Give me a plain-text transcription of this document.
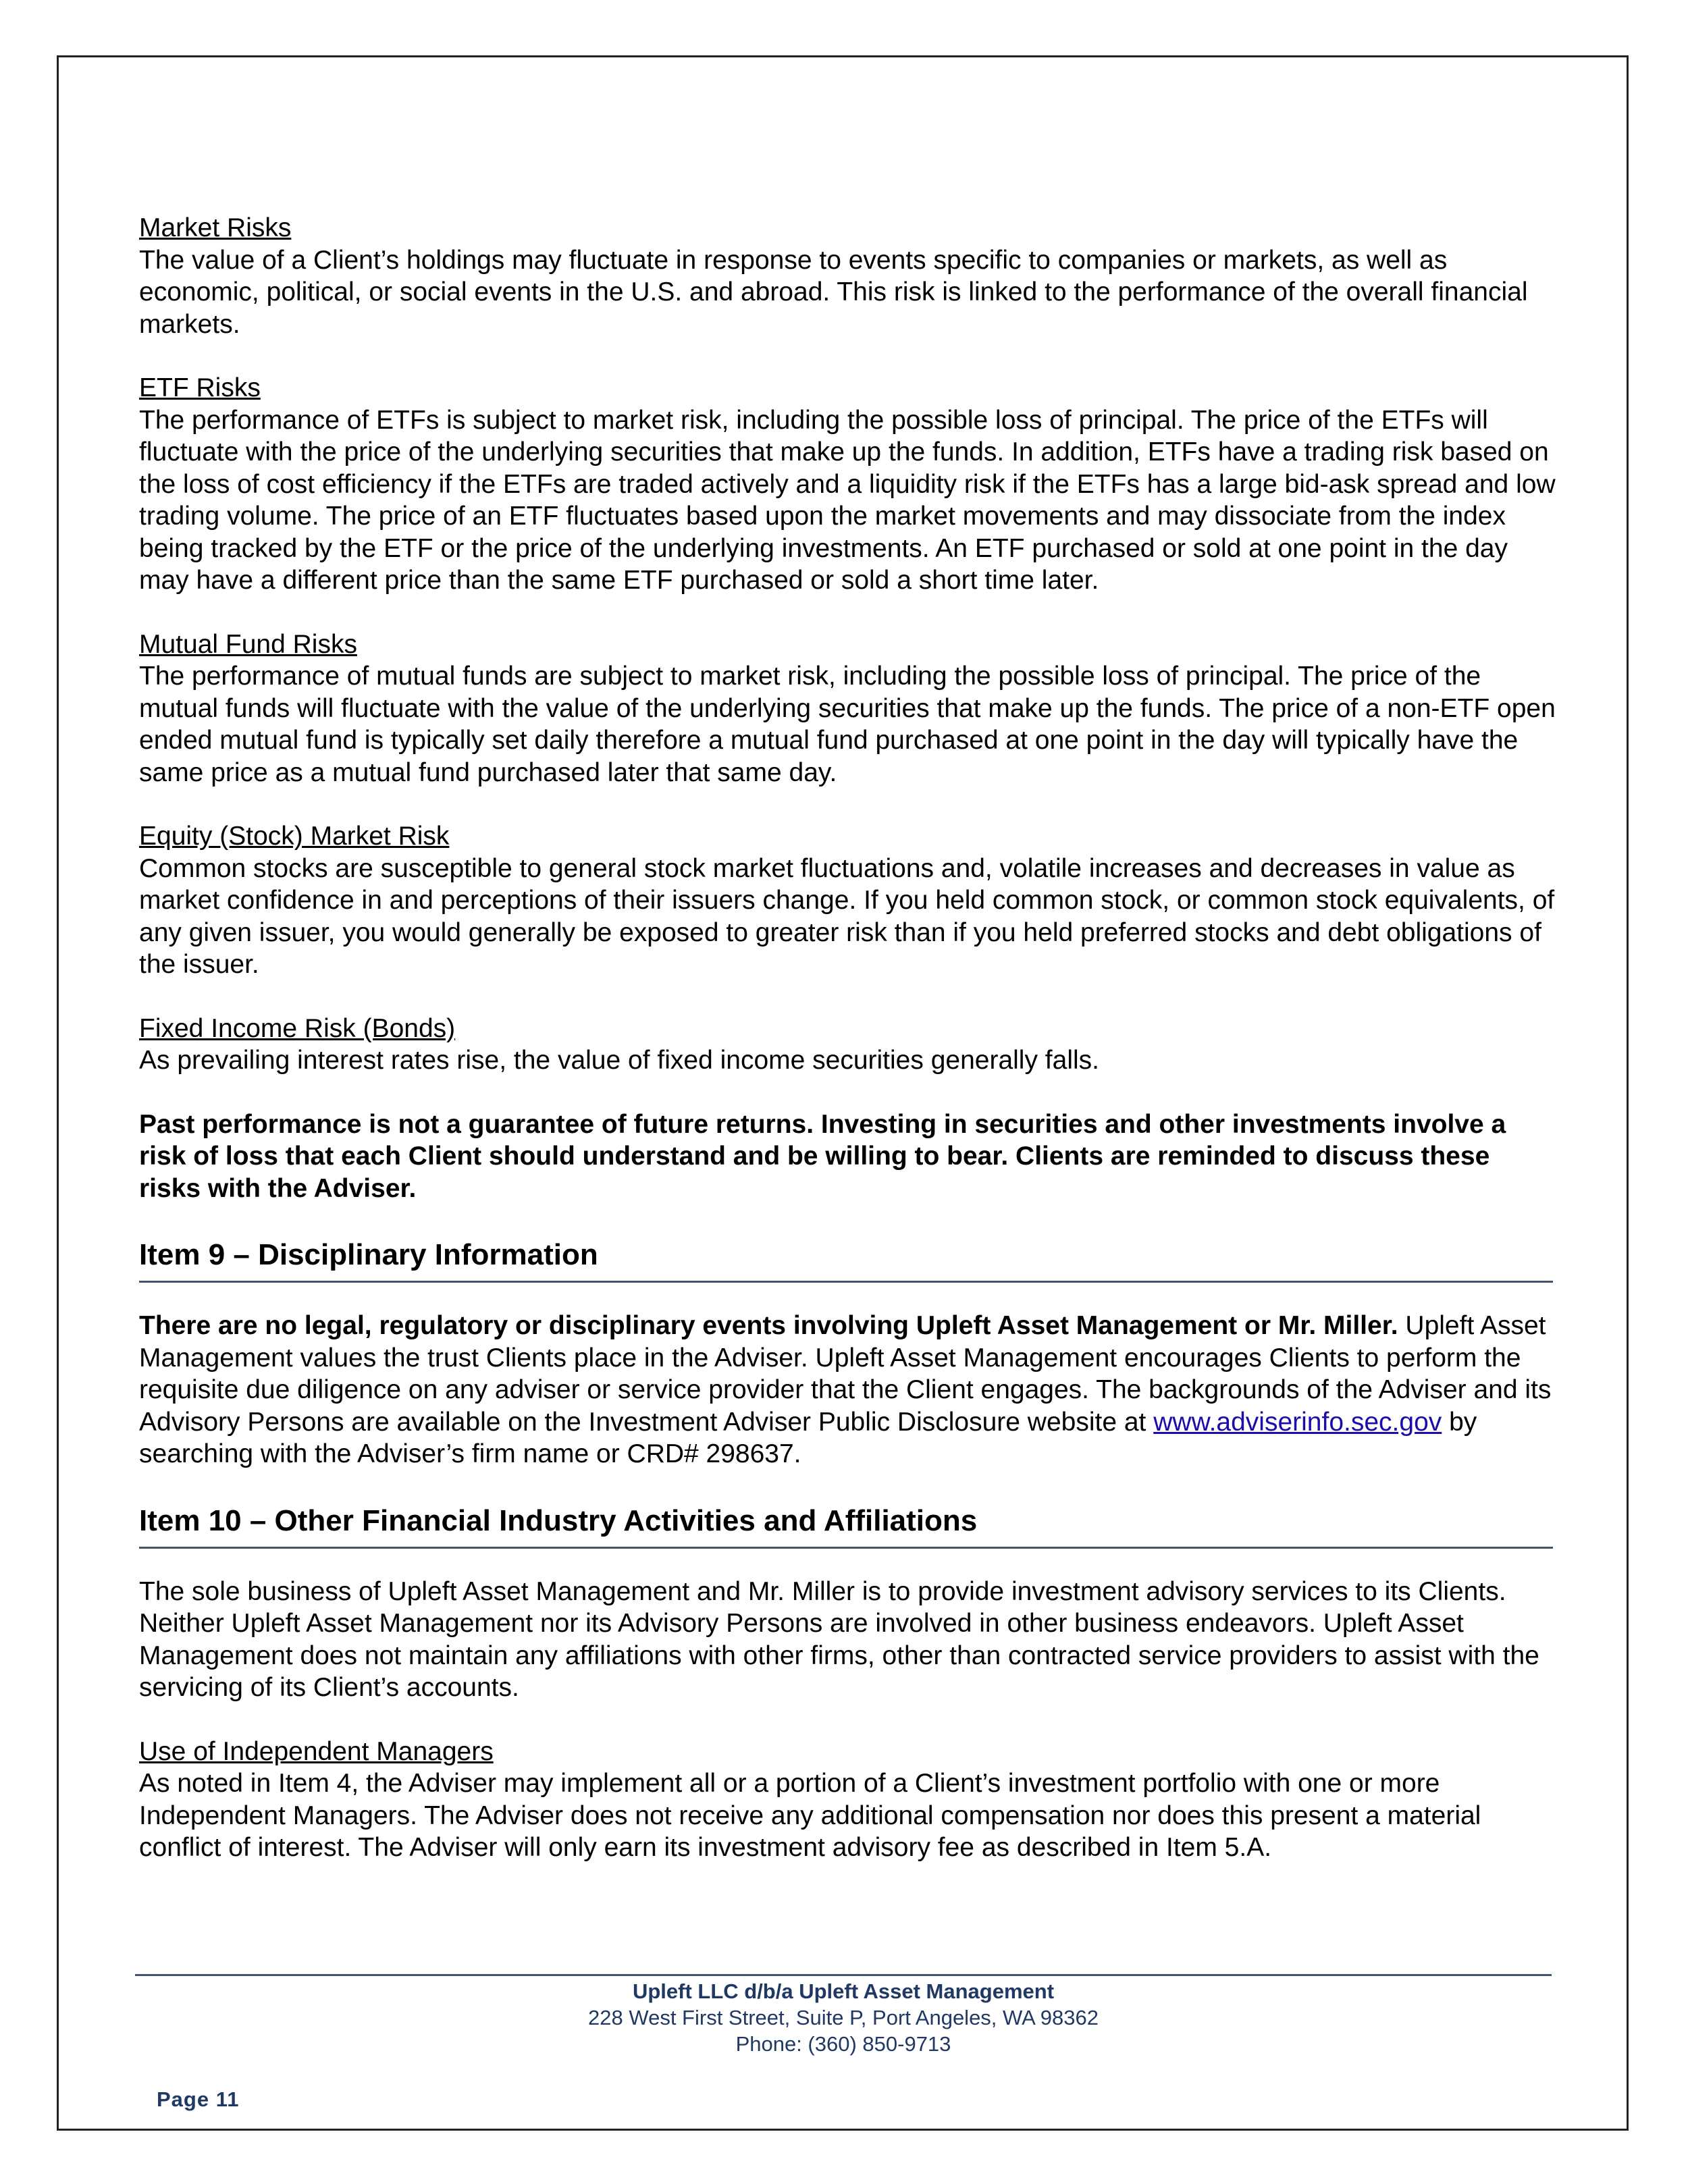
Market Risks

The value of a Client’s holdings may fluctuate in response to events specific to companies or markets, as well as economic, political, or social events in the U.S. and abroad. This risk is linked to the performance of the overall financial markets.

ETF Risks

The performance of ETFs is subject to market risk, including the possible loss of principal. The price of the ETFs will fluctuate with the price of the underlying securities that make up the funds. In addition, ETFs have a trading risk based on the loss of cost efficiency if the ETFs are traded actively and a liquidity risk if the ETFs has a large bid-ask spread and low trading volume. The price of an ETF fluctuates based upon the market movements and may dissociate from the index being tracked by the ETF or the price of the underlying investments. An ETF purchased or sold at one point in the day may have a different price than the same ETF purchased or sold a short time later.

Mutual Fund Risks

The performance of mutual funds are subject to market risk, including the possible loss of principal. The price of the mutual funds will fluctuate with the value of the underlying securities that make up the funds. The price of a non-ETF open ended mutual fund is typically set daily therefore a mutual fund purchased at one point in the day will typically have the same price as a mutual fund purchased later that same day.

Equity (Stock) Market Risk

Common stocks are susceptible to general stock market fluctuations and, volatile increases and decreases in value as market confidence in and perceptions of their issuers change. If you held common stock, or common stock equivalents, of any given issuer, you would generally be exposed to greater risk than if you held preferred stocks and debt obligations of the issuer.

Fixed Income Risk (Bonds)

As prevailing interest rates rise, the value of fixed income securities generally falls.

Past performance is not a guarantee of future returns. Investing in securities and other investments involve a risk of loss that each Client should understand and be willing to bear. Clients are reminded to discuss these risks with the Adviser.

Item 9 – Disciplinary Information

There are no legal, regulatory or disciplinary events involving Upleft Asset Management or Mr. Miller. Upleft Asset Management values the trust Clients place in the Adviser. Upleft Asset Management encourages Clients to perform the requisite due diligence on any adviser or service provider that the Client engages. The backgrounds of the Adviser and its Advisory Persons are available on the Investment Adviser Public Disclosure website at www.adviserinfo.sec.gov by searching with the Adviser’s firm name or CRD# 298637.

Item 10 – Other Financial Industry Activities and Affiliations

The sole business of Upleft Asset Management and Mr. Miller is to provide investment advisory services to its Clients. Neither Upleft Asset Management nor its Advisory Persons are involved in other business endeavors. Upleft Asset Management does not maintain any affiliations with other firms, other than contracted service providers to assist with the servicing of its Client’s accounts.

Use of Independent Managers

As noted in Item 4, the Adviser may implement all or a portion of a Client’s investment portfolio with one or more Independent Managers. The Adviser does not receive any additional compensation nor does this present a material conflict of interest. The Adviser will only earn its investment advisory fee as described in Item 5.A.

Upleft LLC d/b/a Upleft Asset Management
228 West First Street, Suite P, Port Angeles, WA 98362
Phone: (360) 850-9713
Page 11
